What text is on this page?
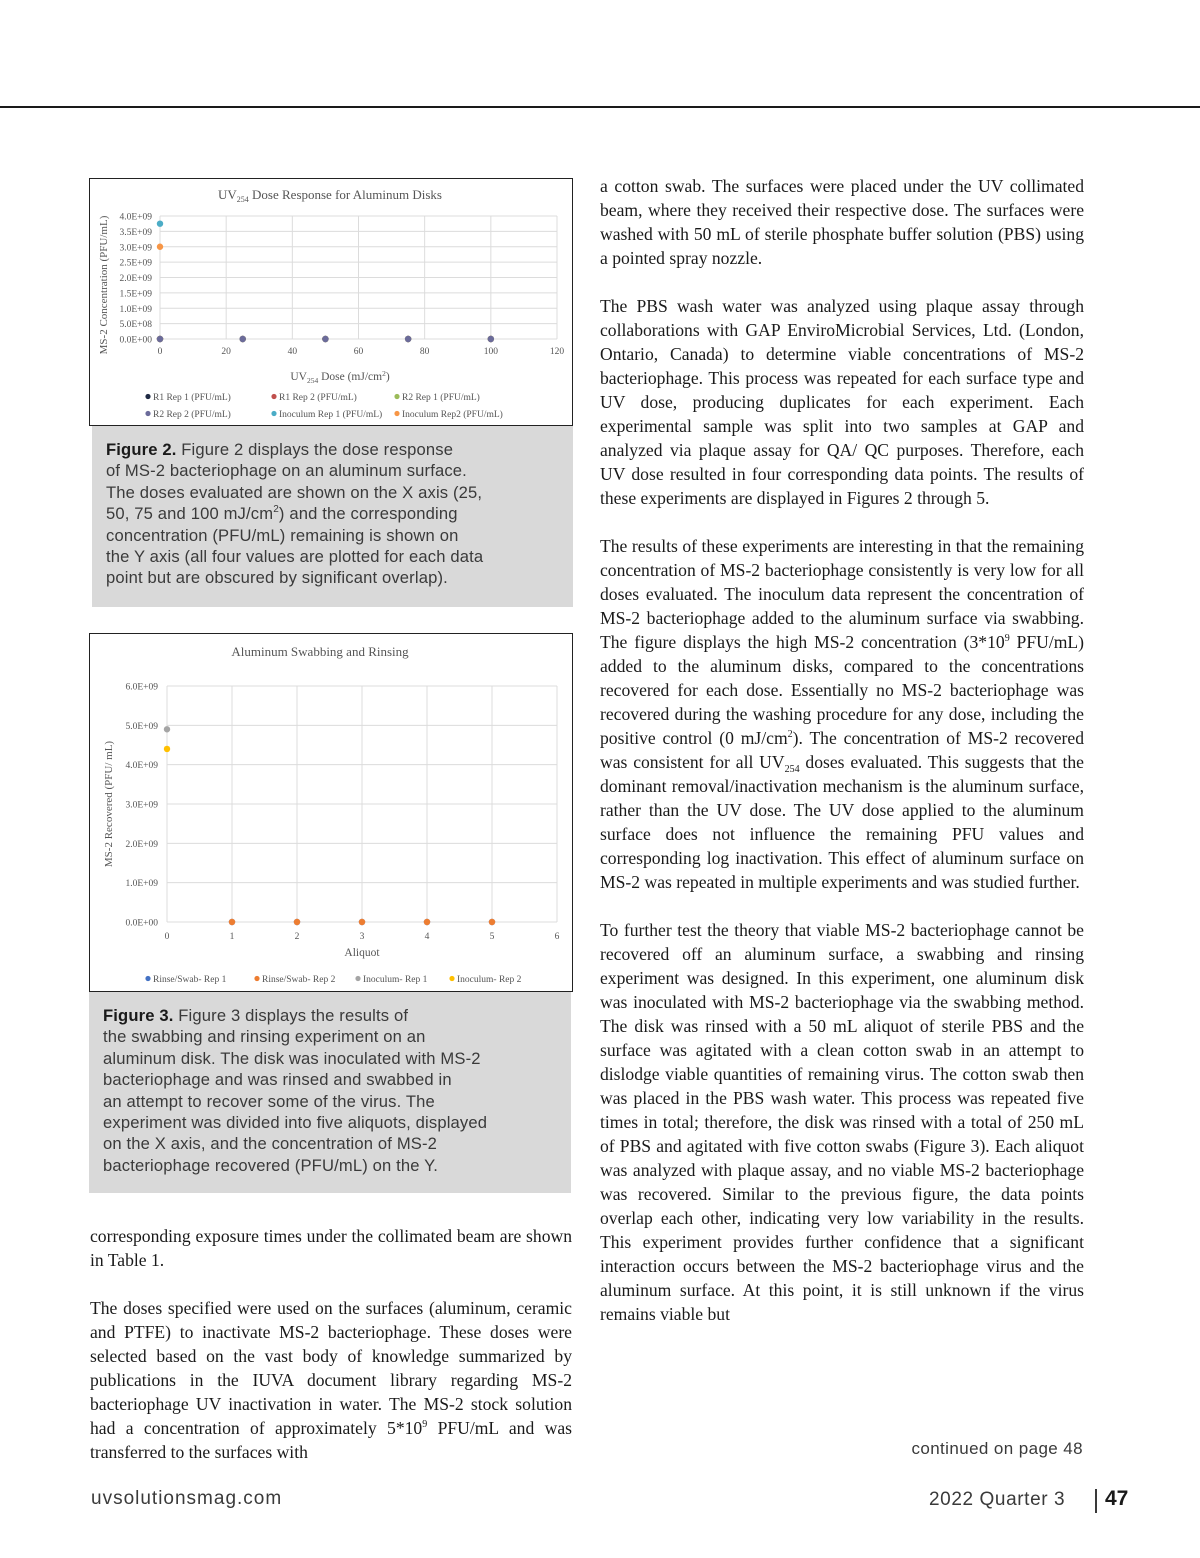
$UV_{254}$ Dose Response for Aluminum Disks
0.0E+00
5.0E+08
1.0E+09
1.5E+09
2.0E+09
2.5E+09
3.0E+09
3.5E+09
4.0E+09
0	20	40	60	80	100	120
MS-2 Concentration (PFU/mL)
$UV_{254}$ Dose $(mJ/cm^2)$
R1 Rep 1 (PFU/mL)	R1 Rep 2 (PFU/mL)	R2 Rep 1 (PFU/mL)
R2 Rep 2 (PFU/mL)	Inoculum Rep 1 (PFU/mL) Inoculum Rep2 (PFU/mL)
Figure 2. Figure 2 displays the dose response
of MS-2 bacteriophage on an aluminum surface.
The doses evaluated are shown on the X axis (25,
50, 75 and 100 $mJ/cm^2$) and the corresponding
concentration (PFU/mL) remaining is shown on
the Y axis (all four values are plotted for each data
point but are obscured by significant overlap).
Aluminum Swabbing and Rinsing
0.0E+00
1.0E+09
2.0E+09
3.0E+09
4.0E+09
5.0E+09
6.0E+09
0	1	2	3	4	5	6
MS-2 Recovered (PFU/ mL)
Aliquot
Rinse/Swab- Rep 1	Rinse/Swab- Rep 2	Inoculum- Rep 1	Inoculum- Rep 2
Figure 3. Figure 3 displays the results of
the swabbing and rinsing experiment on an
aluminum disk. The disk was inoculated with MS-2
bacteriophage and was rinsed and swabbed in
an attempt to recover some of the virus. The
experiment was divided into five aliquots, displayed
on the X axis, and the concentration of MS-2
bacteriophage recovered (PFU/mL) on the Y.

corresponding exposure times under the collimated beam are shown in Table 1.

The doses specified were used on the surfaces (aluminum, ceramic and PTFE) to inactivate MS-2 bacteriophage. These doses were selected based on the vast body of knowledge summarized by publications in the IUVA document library regarding MS-2 bacteriophage UV inactivation in water. The MS-2 stock solution had a concentration of approximately $5*10^9$ PFU/mL and was transferred to the surfaces with

a cotton swab. The surfaces were placed under the UV collimated beam, where they received their respective dose. The surfaces were washed with 50 mL of sterile phosphate buffer solution (PBS) using a pointed spray nozzle.

The PBS wash water was analyzed using plaque assay through collaborations with GAP EnviroMicrobial Services, Ltd. (London, Ontario, Canada) to determine viable concentrations of MS-2 bacteriophage. This process was repeated for each surface type and UV dose, producing duplicates for each experiment. Each experimental sample was split into two samples at GAP and analyzed via plaque assay for QA/ QC purposes. Therefore, each UV dose resulted in four corresponding data points. The results of these experiments are displayed in Figures 2 through 5.

The results of these experiments are interesting in that the remaining concentration of MS-2 bacteriophage consistently is very low for all doses evaluated. The inoculum data represent the concentration of MS-2 bacteriophage added to the aluminum surface via swabbing. The figure displays the high MS-2 concentration ($3*10^9$ PFU/mL) added to the aluminum disks, compared to the concentrations recovered for each dose. Essentially no MS-2 bacteriophage was recovered during the washing procedure for any dose, including the positive control (0 $mJ/cm^2$). The concentration of MS-2 recovered was consistent for all $UV_{254}$ doses evaluated. This suggests that the dominant removal/inactivation mechanism is the aluminum surface, rather than the UV dose. The UV dose applied to the aluminum surface does not influence the remaining PFU values and corresponding log inactivation. This effect of aluminum surface on MS-2 was repeated in multiple experiments and was studied further.

To further test the theory that viable MS-2 bacteriophage cannot be recovered off an aluminum surface, a swabbing and rinsing experiment was designed. In this experiment, one aluminum disk was inoculated with MS-2 bacteriophage via the swabbing method. The disk was rinsed with a 50 mL aliquot of sterile PBS and the surface was agitated with a clean cotton swab in an attempt to dislodge viable quantities of remaining virus. The cotton swab then was placed in the PBS wash water. This process was repeated five times in total; therefore, the disk was rinsed with a total of 250 mL of PBS and agitated with five cotton swabs (Figure 3). Each aliquot was analyzed with plaque assay, and no viable MS-2 bacteriophage was recovered. Similar to the previous figure, the data points overlap each other, indicating very low variability in the results. This experiment provides further confidence that a significant interaction occurs between the MS-2 bacteriophage virus and the aluminum surface. At this point, it is still unknown if the virus remains viable but

continued on page 48
uvsolutionsmag.com	2022 Quarter 3 47
